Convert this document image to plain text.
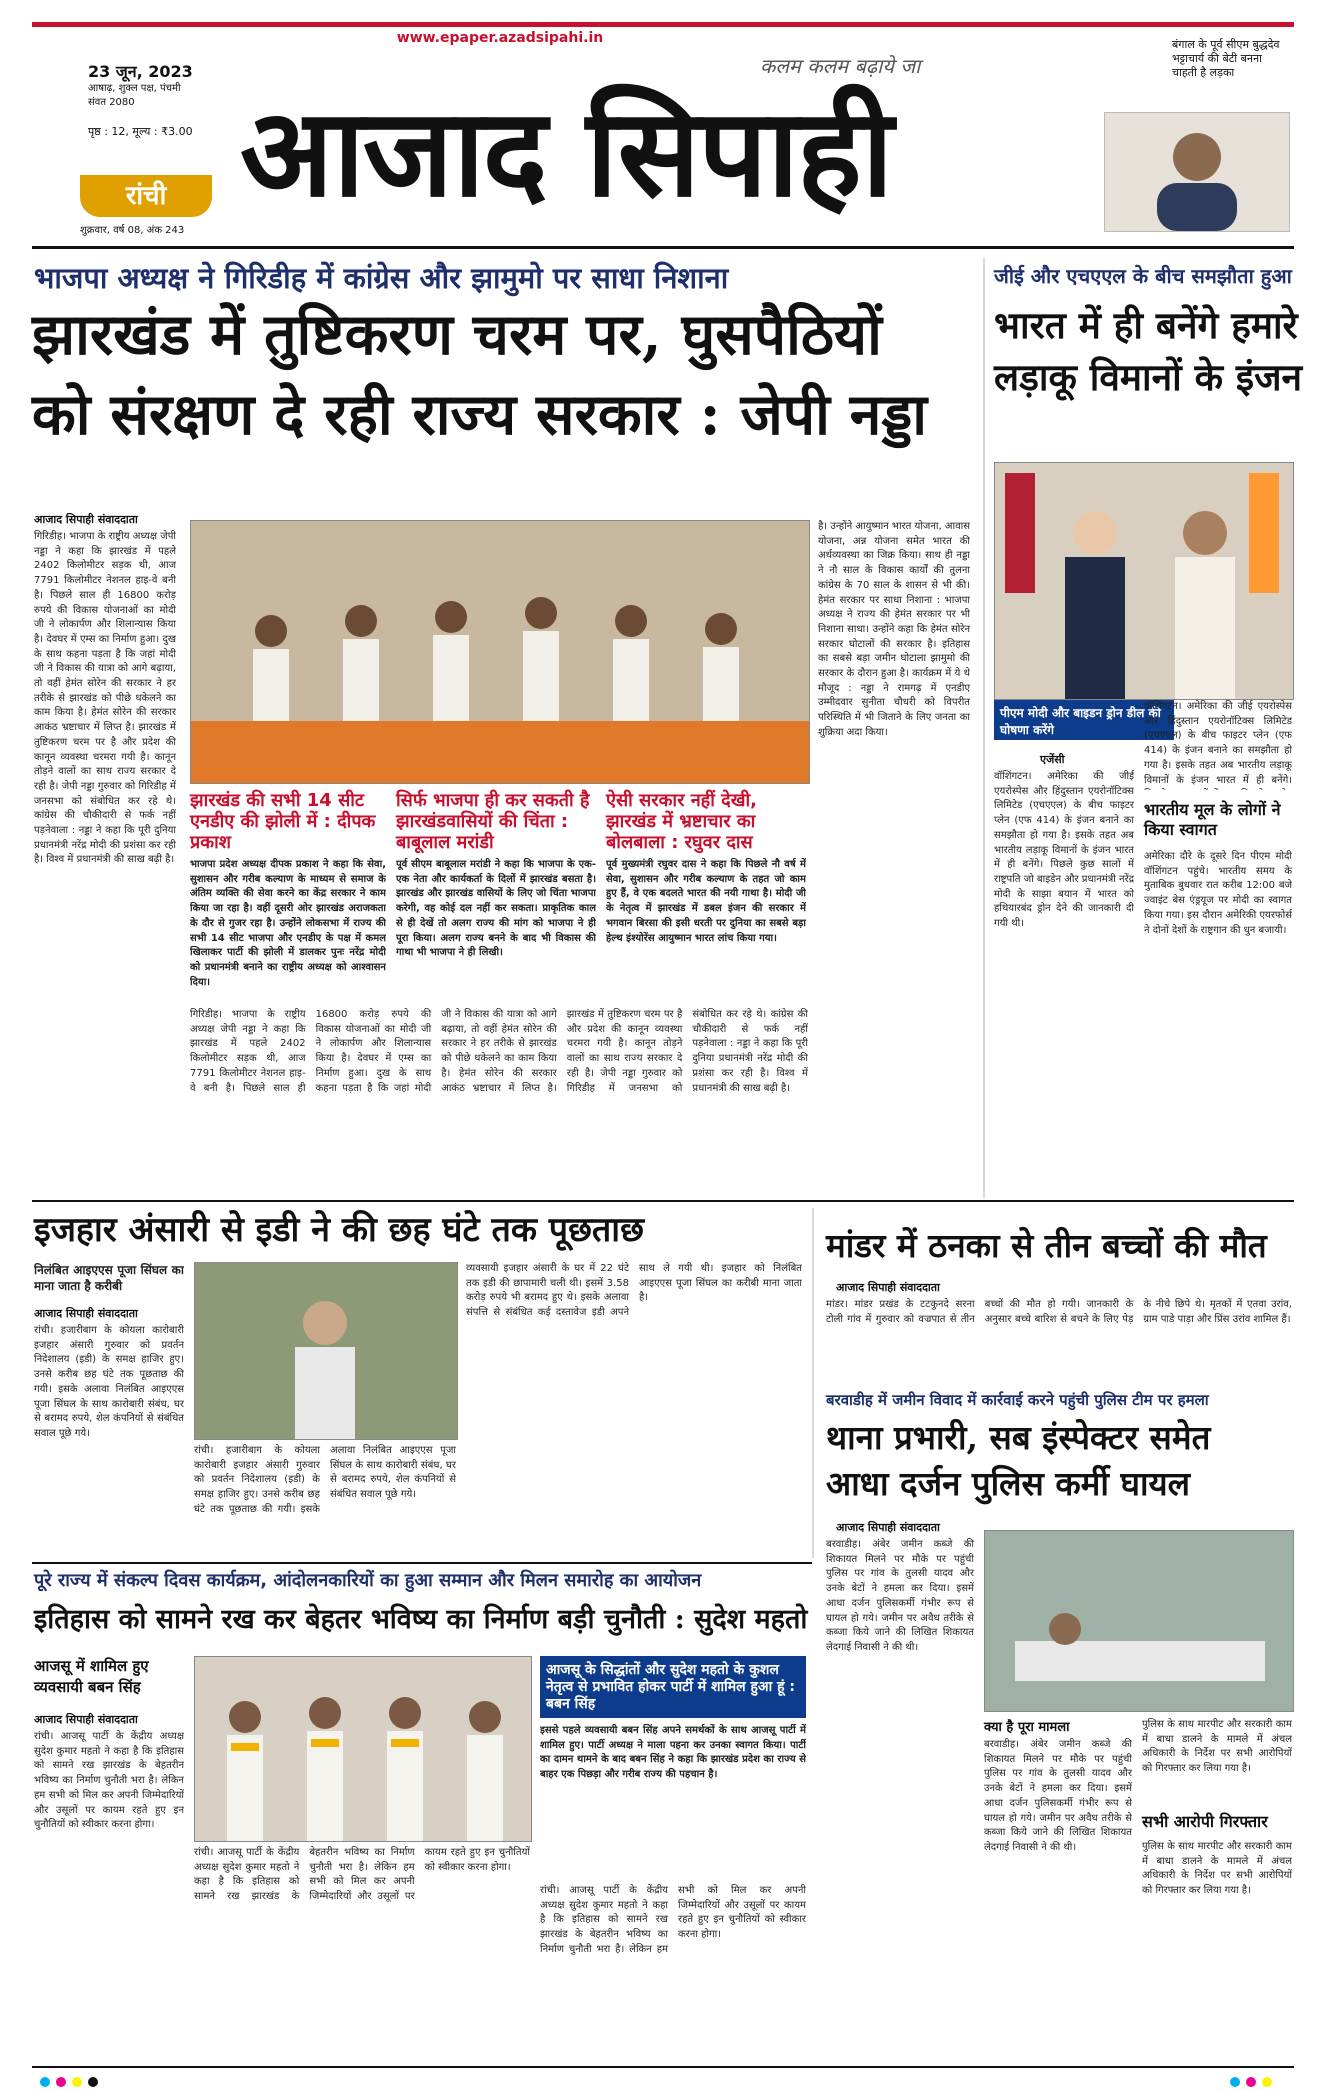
www.epaper.azadsipahi.in
23 जून, 2023
आषाढ़, शुक्ल पक्ष, पंचमी
संवत 2080
पृष्ठ : 12, मूल्य : ₹3.00
रांची
शुक्रवार, वर्ष 08, अंक 243
कलम कलम बढ़ाये जा
आजाद सिपाही
बंगाल के पूर्व सीएम बुद्धदेव भट्टाचार्य की बेटी बनना चाहती है लड़का
भाजपा अध्यक्ष ने गिरिडीह में कांग्रेस और झामुमो पर साधा निशाना
झारखंड में तुष्टिकरण चरम पर, घुसपैठियों
को संरक्षण दे रही राज्य सरकार : जेपी नड्डा
आजाद सिपाही संवाददाता
गिरिडीह। भाजपा के राष्ट्रीय अध्यक्ष जेपी नड्डा ने कहा कि झारखंड में पहले 2402 किलोमीटर सड़क थी, आज 7791 किलोमीटर नेशनल हाइ-वे बनी है। पिछले साल ही 16800 करोड़ रुपये की विकास योजनाओं का मोदी जी ने लोकार्पण और शिलान्यास किया है। देवघर में एम्स का निर्माण हुआ। दुख के साथ कहना पड़ता है कि जहां मोदी जी ने विकास की यात्रा को आगे बढ़ाया, तो वहीं हेमंत सोरेन की सरकार ने हर तरीके से झारखंड को पीछे धकेलने का काम किया है। हेमंत सोरेन की सरकार आकंठ भ्रष्टाचार में लिप्त है। झारखंड में तुष्टिकरण चरम पर है और प्रदेश की कानून व्यवस्था चरमरा गयी है। कानून तोड़ने वालों का साथ राज्य सरकार दे रही है। जेपी नड्डा गुरुवार को गिरिडीह में जनसभा को संबोधित कर रहे थे। कांग्रेस की चौकीदारी से फर्क नहीं पड़नेवाला : नड्डा ने कहा कि पूरी दुनिया प्रधानमंत्री नरेंद्र मोदी की प्रशंसा कर रही है। विश्व में प्रधानमंत्री की साख बढ़ी है।
झारखंड की सभी 14 सीट एनडीए की झोली में : दीपक प्रकाश
भाजपा प्रदेश अध्यक्ष दीपक प्रकाश ने कहा कि सेवा, सुशासन और गरीब कल्याण के माध्यम से समाज के अंतिम व्यक्ति की सेवा करने का केंद्र सरकार ने काम किया जा रहा है। वहीं दूसरी ओर झारखंड अराजकता के दौर से गुजर रहा है। उन्होंने लोकसभा में राज्य की सभी 14 सीट भाजपा और एनडीए के पक्ष में कमल खिलाकर पार्टी की झोली में डालकर पुनः नरेंद्र मोदी को प्रधानमंत्री बनाने का राष्ट्रीय अध्यक्ष को आश्वासन दिया।
सिर्फ भाजपा ही कर सकती है झारखंडवासियों की चिंता : बाबूलाल मरांडी
पूर्व सीएम बाबूलाल मरांडी ने कहा कि भाजपा के एक-एक नेता और कार्यकर्ता के दिलों में झारखंड बसता है। झारखंड और झारखंड वासियों के लिए जो चिंता भाजपा करेगी, वह कोई दल नहीं कर सकता। प्राकृतिक काल से ही देखें तो अलग राज्य की मांग को भाजपा ने ही पूरा किया। अलग राज्य बनने के बाद भी विकास की गाथा भी भाजपा ने ही लिखी।
ऐसी सरकार नहीं देखी, झारखंड में भ्रष्टाचार का बोलबाला : रघुवर दास
पूर्व मुख्यमंत्री रघुवर दास ने कहा कि पिछले नौ वर्ष में सेवा, सुशासन और गरीब कल्याण के तहत जो काम हुए हैं, वे एक बदलते भारत की नयी गाथा है। मोदी जी के नेतृत्व में झारखंड में डबल इंजन की सरकार में भगवान बिरसा की इसी धरती पर दुनिया का सबसे बड़ा हेल्थ इंश्योरेंस आयुष्मान भारत लांच किया गया।
गिरिडीह। भाजपा के राष्ट्रीय अध्यक्ष जेपी नड्डा ने कहा कि झारखंड में पहले 2402 किलोमीटर सड़क थी, आज 7791 किलोमीटर नेशनल हाइ-वे बनी है। पिछले साल ही 16800 करोड़ रुपये की विकास योजनाओं का मोदी जी ने लोकार्पण और शिलान्यास किया है। देवघर में एम्स का निर्माण हुआ। दुख के साथ कहना पड़ता है कि जहां मोदी जी ने विकास की यात्रा को आगे बढ़ाया, तो वहीं हेमंत सोरेन की सरकार ने हर तरीके से झारखंड को पीछे धकेलने का काम किया है। हेमंत सोरेन की सरकार आकंठ भ्रष्टाचार में लिप्त है। झारखंड में तुष्टिकरण चरम पर है और प्रदेश की कानून व्यवस्था चरमरा गयी है। कानून तोड़ने वालों का साथ राज्य सरकार दे रही है। जेपी नड्डा गुरुवार को गिरिडीह में जनसभा को संबोधित कर रहे थे। कांग्रेस की चौकीदारी से फर्क नहीं पड़नेवाला : नड्डा ने कहा कि पूरी दुनिया प्रधानमंत्री नरेंद्र मोदी की प्रशंसा कर रही है। विश्व में प्रधानमंत्री की साख बढ़ी है।
है। उन्होंने आयुष्मान भारत योजना, आवास योजना, अन्न योजना समेत भारत की अर्थव्यवस्था का जिक्र किया। साथ ही नड्डा ने नौ साल के विकास कार्यों की तुलना कांग्रेस के 70 साल के शासन से भी की। हेमंत सरकार पर साधा निशाना : भाजपा अध्यक्ष ने राज्य की हेमंत सरकार पर भी निशाना साधा। उन्होंने कहा कि हेमंत सोरेन सरकार घोटालों की सरकार है। इतिहास का सबसे बड़ा जमीन घोटाला झामुमो की सरकार के दौरान हुआ है। कार्यक्रम में ये थे मौजूद : नड्डा ने रामगढ़ में एनडीए उम्मीदवार सुनीता चौधरी को विपरीत परिस्थिति में भी जिताने के लिए जनता का शुक्रिया अदा किया।
जीई और एचएएल के बीच समझौता हुआ
भारत में ही बनेंगे हमारे
लड़ाकू विमानों के इंजन
पीएम मोदी और बाइडन ड्रोन डील की घोषणा करेंगे
एजेंसी
वॉशिंगटन। अमेरिका की जीई एयरोस्पेस और हिंदुस्तान एयरोनॉटिक्स लिमिटेड (एचएएल) के बीच फाइटर प्लेन (एफ 414) के इंजन बनाने का समझौता हो गया है। इसके तहत अब भारतीय लड़ाकू विमानों के इंजन भारत में ही बनेंगे। पिछले कुछ सालों में राष्ट्रपति जो बाइडेन और प्रधानमंत्री नरेंद्र मोदी के साझा बयान में भारत को हथियारबंद ड्रोन देने की जानकारी दी गयी थी।
वॉशिंगटन। अमेरिका की जीई एयरोस्पेस और हिंदुस्तान एयरोनॉटिक्स लिमिटेड (एचएएल) के बीच फाइटर प्लेन (एफ 414) के इंजन बनाने का समझौता हो गया है। इसके तहत अब भारतीय लड़ाकू विमानों के इंजन भारत में ही बनेंगे।
भारतीय मूल के लोगों ने किया स्वागत
अमेरिका दौरे के दूसरे दिन पीएम मोदी वॉशिंगटन पहुंचे। भारतीय समय के मुताबिक बुधवार रात करीब 12:00 बजे ज्वाइंट बेस एंड्रयूज पर मोदी का स्वागत किया गया। इस दौरान अमेरिकी एयरफोर्स ने दोनों देशों के राष्ट्रगान की धुन बजायी।
इजहार अंसारी से इडी ने की छह घंटे तक पूछताछ
निलंबित आइएएस पूजा सिंघल का माना जाता है करीबी
आजाद सिपाही संवाददाता
रांची। हजारीबाग के कोयला कारोबारी इजहार अंसारी गुरुवार को प्रवर्तन निदेशालय (इडी) के समक्ष हाजिर हुए। उनसे करीब छह घंटे तक पूछताछ की गयी। इसके अलावा निलंबित आइएएस पूजा सिंघल के साथ कारोबारी संबंध, घर से बरामद रुपये, शेल कंपनियों से संबंधित सवाल पूछे गये।
रांची। हजारीबाग के कोयला कारोबारी इजहार अंसारी गुरुवार को प्रवर्तन निदेशालय (इडी) के समक्ष हाजिर हुए। उनसे करीब छह घंटे तक पूछताछ की गयी। इसके अलावा निलंबित आइएएस पूजा सिंघल के साथ कारोबारी संबंध, घर से बरामद रुपये, शेल कंपनियों से संबंधित सवाल पूछे गये।
व्यवसायी इजहार अंसारी के घर में 22 घंटे तक इडी की छापामारी चली थी। इसमें 3.58 करोड़ रुपये भी बरामद हुए थे। इसके अलावा संपत्ति से संबंधित कई दस्तावेज इडी अपने साथ ले गयी थी। इजहार को निलंबित आइएएस पूजा सिंघल का करीबी माना जाता है।
मांडर में ठनका से तीन बच्चों की मौत
आजाद सिपाही संवाददाता
मांडर। मांडर प्रखंड के टटकुनदे सरना टोली गांव में गुरुवार को वज्रपात से तीन बच्चों की मौत हो गयी। जानकारी के अनुसार बच्चे बारिश से बचने के लिए पेड़ के नीचे छिपे थे। मृतकों में एतवा उरांव, ग्राम पाडे पाड़ा और प्रिंस उरांव शामिल हैं।
बरवाडीह में जमीन विवाद में कार्रवाई करने पहुंची पुलिस टीम पर हमला
थाना प्रभारी, सब इंस्पेक्टर समेत
आधा दर्जन पुलिस कर्मी घायल
आजाद सिपाही संवाददाता
बरवाडीह। अंबेर जमीन कब्जे की शिकायत मिलने पर मौके पर पहुंची पुलिस पर गांव के तुलसी यादव और उनके बेटों ने हमला कर दिया। इसमें आधा दर्जन पुलिसकर्मी गंभीर रूप से घायल हो गये। जमीन पर अवैध तरीके से कब्जा किये जाने की लिखित शिकायत लेदगाई निवासी ने की थी।
क्या है पूरा मामला
बरवाडीह। अंबेर जमीन कब्जे की शिकायत मिलने पर मौके पर पहुंची पुलिस पर गांव के तुलसी यादव और उनके बेटों ने हमला कर दिया। इसमें आधा दर्जन पुलिसकर्मी गंभीर रूप से घायल हो गये। जमीन पर अवैध तरीके से कब्जा किये जाने की लिखित शिकायत लेदगाई निवासी ने की थी।
पुलिस के साथ मारपीट और सरकारी काम में बाधा डालने के मामले में अंचल अधिकारी के निर्देश पर सभी आरोपियों को गिरफ्तार कर लिया गया है।
सभी आरोपी गिरफ्तार
पुलिस के साथ मारपीट और सरकारी काम में बाधा डालने के मामले में अंचल अधिकारी के निर्देश पर सभी आरोपियों को गिरफ्तार कर लिया गया है।
पूरे राज्य में संकल्प दिवस कार्यक्रम, आंदोलनकारियों का हुआ सम्मान और मिलन समारोह का आयोजन
इतिहास को सामने रख कर बेहतर भविष्य का निर्माण बड़ी चुनौती : सुदेश महतो
आजसू में शामिल हुए व्यवसायी बबन सिंह
आजाद सिपाही संवाददाता
रांची। आजसू पार्टी के केंद्रीय अध्यक्ष सुदेश कुमार महतो ने कहा है कि इतिहास को सामने रख झारखंड के बेहतरीन भविष्य का निर्माण चुनौती भरा है। लेकिन हम सभी को मिल कर अपनी जिम्मेदारियों और उसूलों पर कायम रहते हुए इन चुनौतियों को स्वीकार करना होगा।
रांची। आजसू पार्टी के केंद्रीय अध्यक्ष सुदेश कुमार महतो ने कहा है कि इतिहास को सामने रख झारखंड के बेहतरीन भविष्य का निर्माण चुनौती भरा है। लेकिन हम सभी को मिल कर अपनी जिम्मेदारियों और उसूलों पर कायम रहते हुए इन चुनौतियों को स्वीकार करना होगा।
आजसू के सिद्धांतों और सुदेश महतो के कुशल नेतृत्व से प्रभावित होकर पार्टी में शामिल हुआ हूं : बबन सिंह
इससे पहले व्यवसायी बबन सिंह अपने समर्थकों के साथ आजसू पार्टी में शामिल हुए। पार्टी अध्यक्ष ने माला पहना कर उनका स्वागत किया। पार्टी का दामन थामने के बाद बबन सिंह ने कहा कि झारखंड प्रदेश का राज्य से बाहर एक पिछड़ा और गरीब राज्य की पहचान है।
रांची। आजसू पार्टी के केंद्रीय अध्यक्ष सुदेश कुमार महतो ने कहा है कि इतिहास को सामने रख झारखंड के बेहतरीन भविष्य का निर्माण चुनौती भरा है। लेकिन हम सभी को मिल कर अपनी जिम्मेदारियों और उसूलों पर कायम रहते हुए इन चुनौतियों को स्वीकार करना होगा।
